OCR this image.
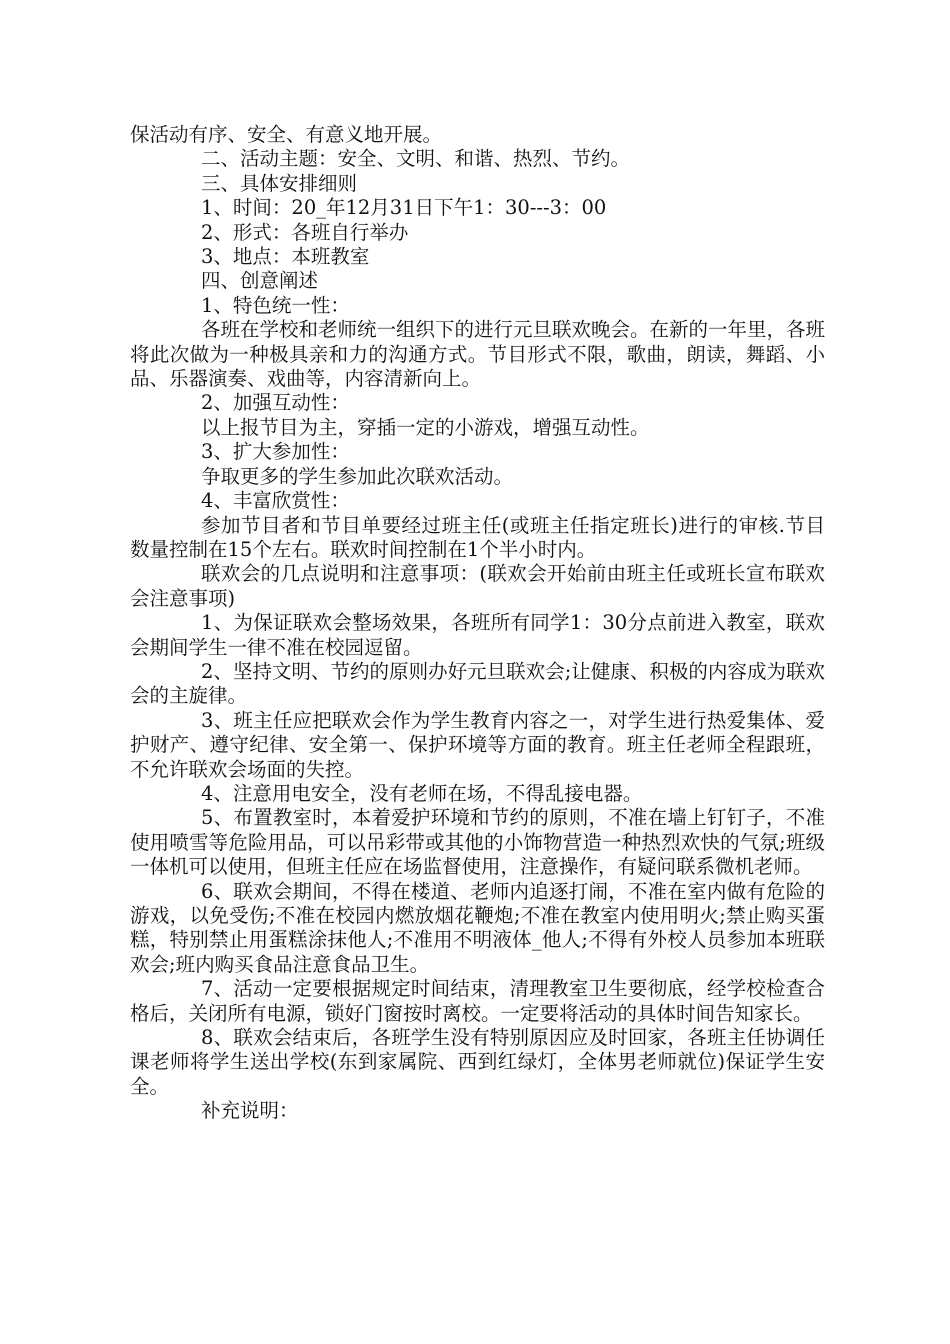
保活动有序、安全、有意义地开展。

二、活动主题：安全、文明、和谐、热烈、节约。

三、具体安排细则

1、时间：20_年12月31日下午1：30---3：00

2、形式：各班自行举办

3、地点：本班教室

四、创意阐述

1、特色统一性：

各班在学校和老师统一组织下的进行元旦联欢晚会。在新的一年里，各班将此次做为一种极具亲和力的沟通方式。节目形式不限，歌曲，朗读，舞蹈、小品、乐器演奏、戏曲等，内容清新向上。

2、加强互动性：

以上报节目为主，穿插一定的小游戏，增强互动性。

3、扩大参加性：

争取更多的学生参加此次联欢活动。

4、丰富欣赏性：

参加节目者和节目单要经过班主任(或班主任指定班长)进行的审核.节目数量控制在15个左右。联欢时间控制在1个半小时内。

联欢会的几点说明和注意事项：(联欢会开始前由班主任或班长宣布联欢会注意事项)

1、为保证联欢会整场效果，各班所有同学1：30分点前进入教室，联欢会期间学生一律不准在校园逗留。

2、坚持文明、节约的原则办好元旦联欢会;让健康、积极的内容成为联欢会的主旋律。

3、班主任应把联欢会作为学生教育内容之一，对学生进行热爱集体、爱护财产、遵守纪律、安全第一、保护环境等方面的教育。班主任老师全程跟班，不允许联欢会场面的失控。

4、注意用电安全，没有老师在场，不得乱接电器。

5、布置教室时，本着爱护环境和节约的原则，不准在墙上钉钉子，不准使用喷雪等危险用品，可以吊彩带或其他的小饰物营造一种热烈欢快的气氛;班级一体机可以使用，但班主任应在场监督使用，注意操作，有疑问联系微机老师。

6、联欢会期间，不得在楼道、老师内追逐打闹，不准在室内做有危险的游戏，以免受伤;不准在校园内燃放烟花鞭炮;不准在教室内使用明火;禁止购买蛋糕，特别禁止用蛋糕涂抹他人;不准用不明液体_他人;不得有外校人员参加本班联欢会;班内购买食品注意食品卫生。

7、活动一定要根据规定时间结束，清理教室卫生要彻底，经学校检查合格后，关闭所有电源，锁好门窗按时离校。一定要将活动的具体时间告知家长。

8、联欢会结束后，各班学生没有特别原因应及时回家，各班主任协调任课老师将学生送出学校(东到家属院、西到红绿灯，全体男老师就位)保证学生安全。

补充说明：
